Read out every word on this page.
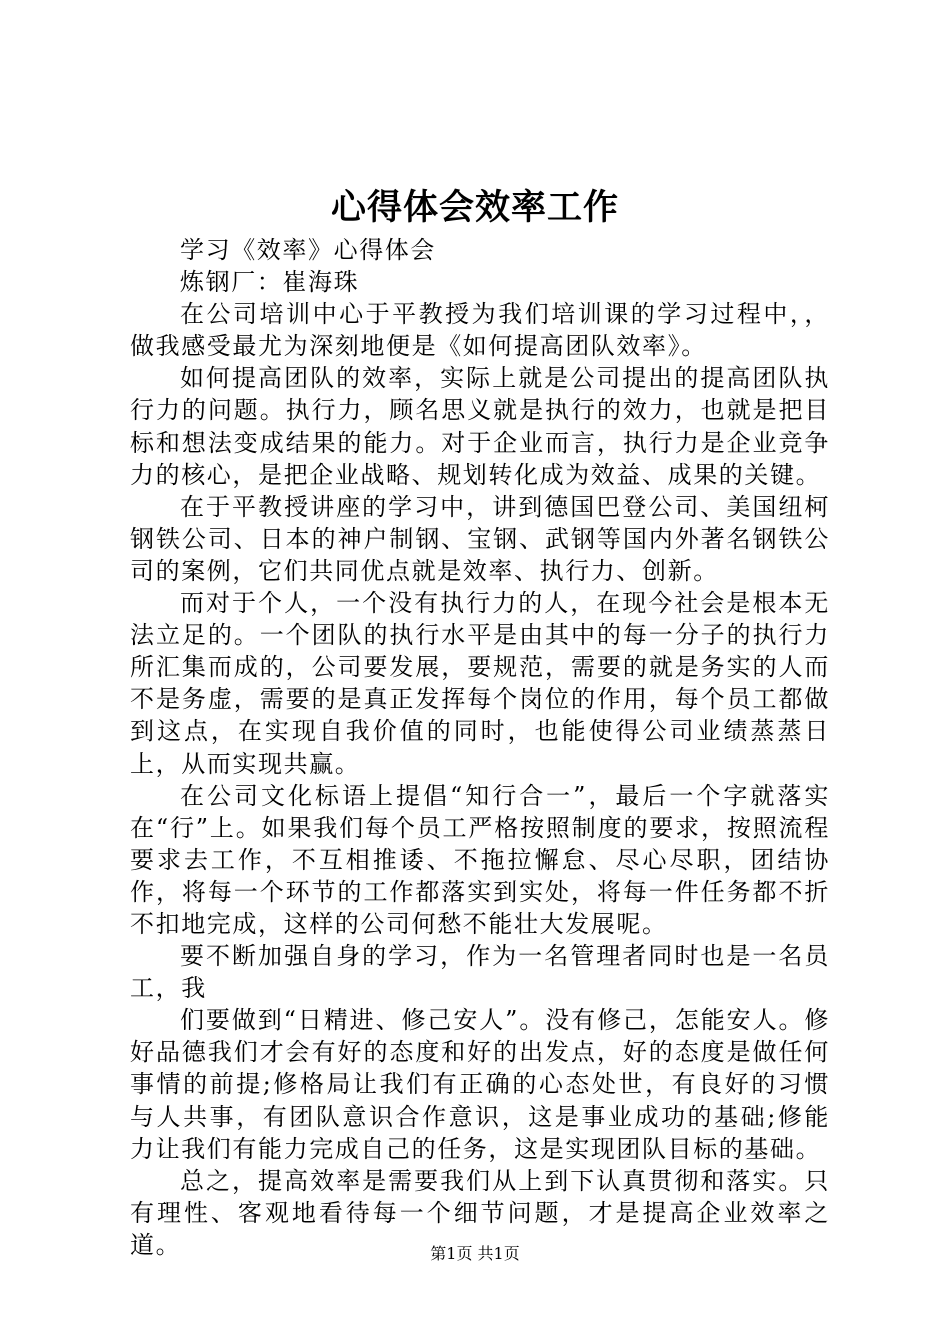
心得体会效率工作

学习《效率》心得体会

炼钢厂：崔海珠

在公司培训中心于平教授为我们培训课的学习过程中，，做我感受最尤为深刻地便是《如何提高团队效率》。

如何提高团队的效率，实际上就是公司提出的提高团队执行力的问题。执行力，顾名思义就是执行的效力，也就是把目标和想法变成结果的能力。对于企业而言，执行力是企业竞争力的核心，是把企业战略、规划转化成为效益、成果的关键。

在于平教授讲座的学习中，讲到德国巴登公司、美国纽柯钢铁公司、日本的神户制钢、宝钢、武钢等国内外著名钢铁公司的案例，它们共同优点就是效率、执行力、创新。

而对于个人，一个没有执行力的人，在现今社会是根本无法立足的。一个团队的执行水平是由其中的每一分子的执行力所汇集而成的，公司要发展，要规范，需要的就是务实的人而不是务虚，需要的是真正发挥每个岗位的作用，每个员工都做到这点，在实现自我价值的同时，也能使得公司业绩蒸蒸日上，从而实现共赢。

在公司文化标语上提倡“知行合一”，最后一个字就落实在“行”上。如果我们每个员工严格按照制度的要求，按照流程要求去工作，不互相推诿、不拖拉懈怠、尽心尽职，团结协作，将每一个环节的工作都落实到实处，将每一件任务都不折不扣地完成，这样的公司何愁不能壮大发展呢。

要不断加强自身的学习，作为一名管理者同时也是一名员工，我

们要做到“日精进、修己安人”。没有修己，怎能安人。修好品德我们才会有好的态度和好的出发点，好的态度是做任何事情的前提;修格局让我们有正确的心态处世，有良好的习惯与人共事，有团队意识合作意识，这是事业成功的基础;修能力让我们有能力完成自己的任务，这是实现团队目标的基础。

总之，提高效率是需要我们从上到下认真贯彻和落实。只有理性、客观地看待每一个细节问题，才是提高企业效率之道。	第1页 共1页
